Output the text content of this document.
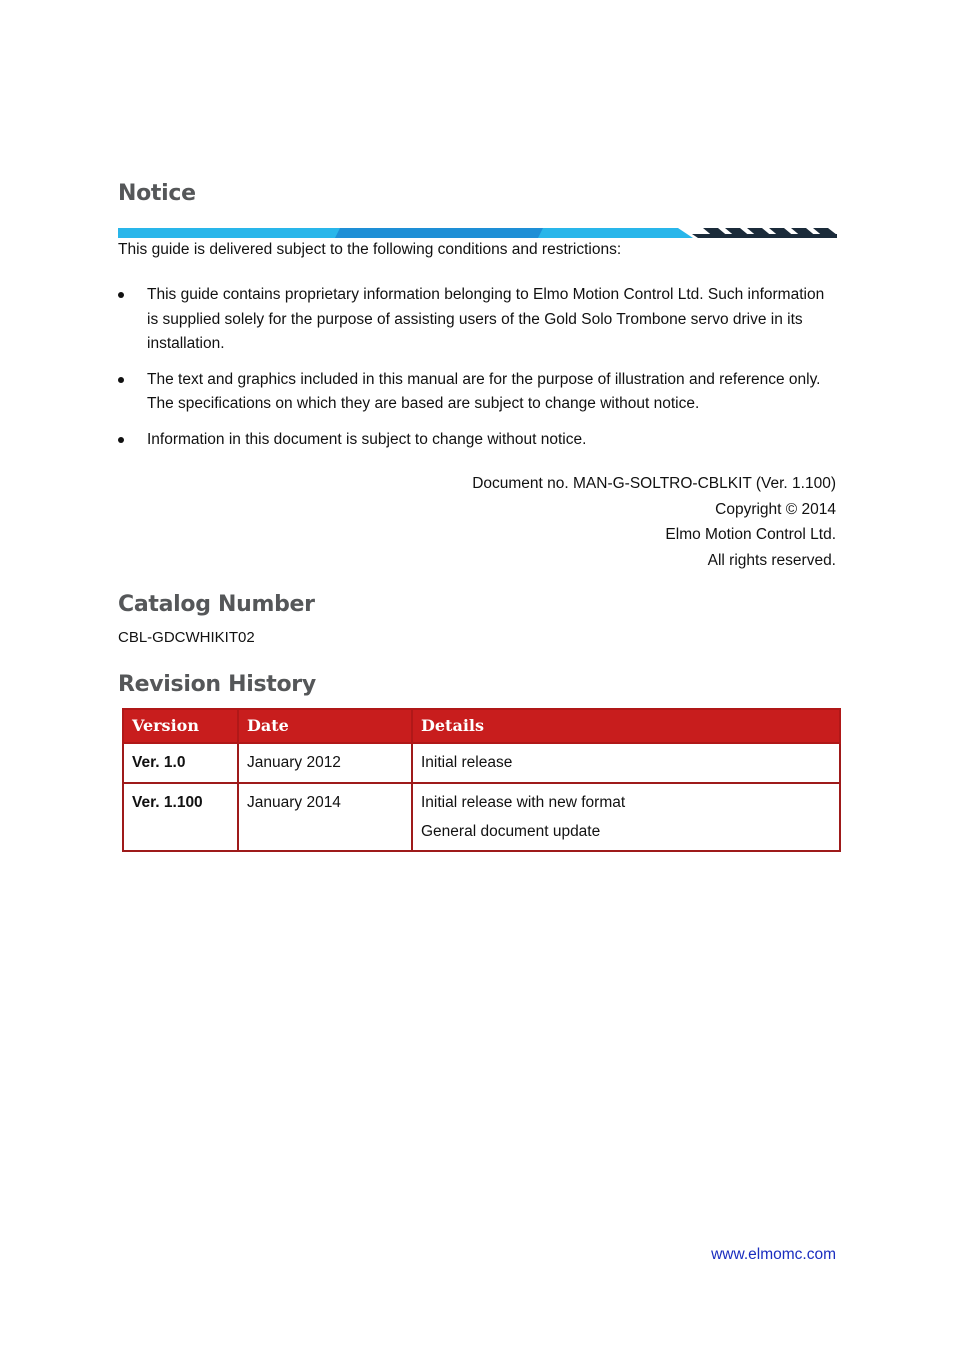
Notice
This guide is delivered subject to the following conditions and restrictions:
This guide contains proprietary information belonging to Elmo Motion Control Ltd. Such information is supplied solely for the purpose of assisting users of the Gold Solo Trombone servo drive in its installation.
The text and graphics included in this manual are for the purpose of illustration and reference only. The specifications on which they are based are subject to change without notice.
Information in this document is subject to change without notice.
Document no. MAN-G-SOLTRO-CBLKIT (Ver. 1.100)
Copyright © 2014
Elmo Motion Control Ltd.
All rights reserved.
Catalog Number
CBL-GDCWHIKIT02
Revision History
Version	Date	Details
Ver. 1.0	January 2012	Initial release

Ver. 1.100	January 2014	Initial release with new format
General document update
www.elmomc.com
